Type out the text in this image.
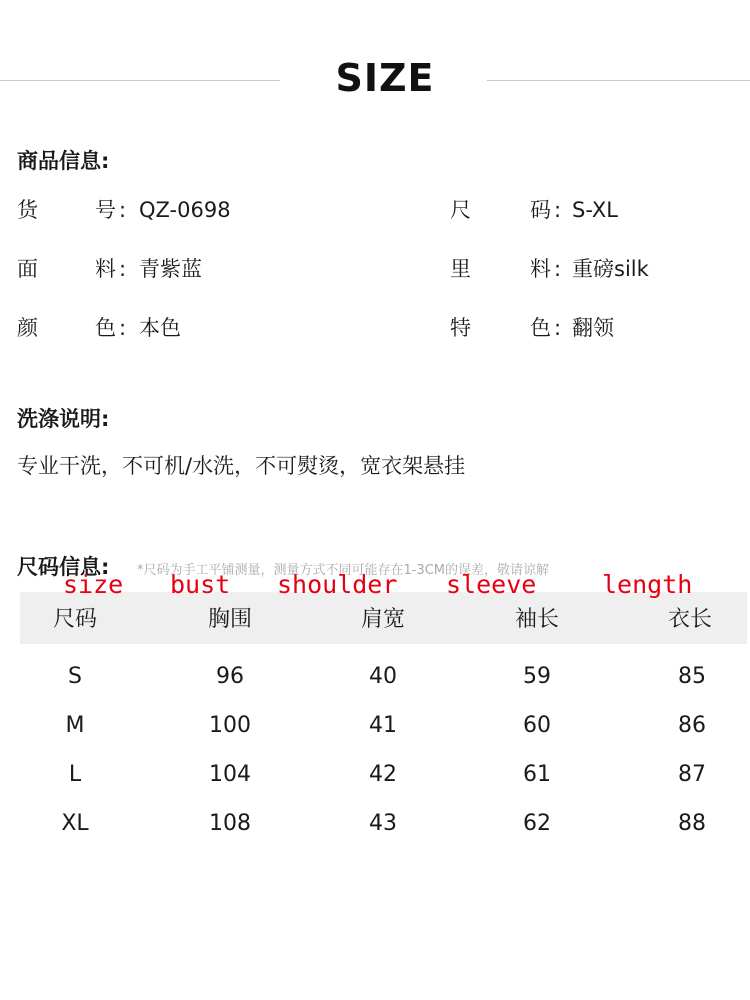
SIZE
商品信息:
货	号 : QZ-0698	尺	码 : S-XL
面	料 : 青紫蓝	里	料 : 重磅silk
颜	色 : 本色	特	色 : 翻领
洗涤说明:
专业干洗，不可机/水洗，不可熨烫，宽衣架悬挂
尺码信息: *尺码为手工平铺测量，测量方式不同可能存在1-3CM的误差，敬请谅解
size bust shoulder sleeve	length
尺码	胸围	肩宽	袖长	衣长
S	96	40	59	85
M	100	41	60	86
L	104	42	61	87
XL	108	43	62	88
